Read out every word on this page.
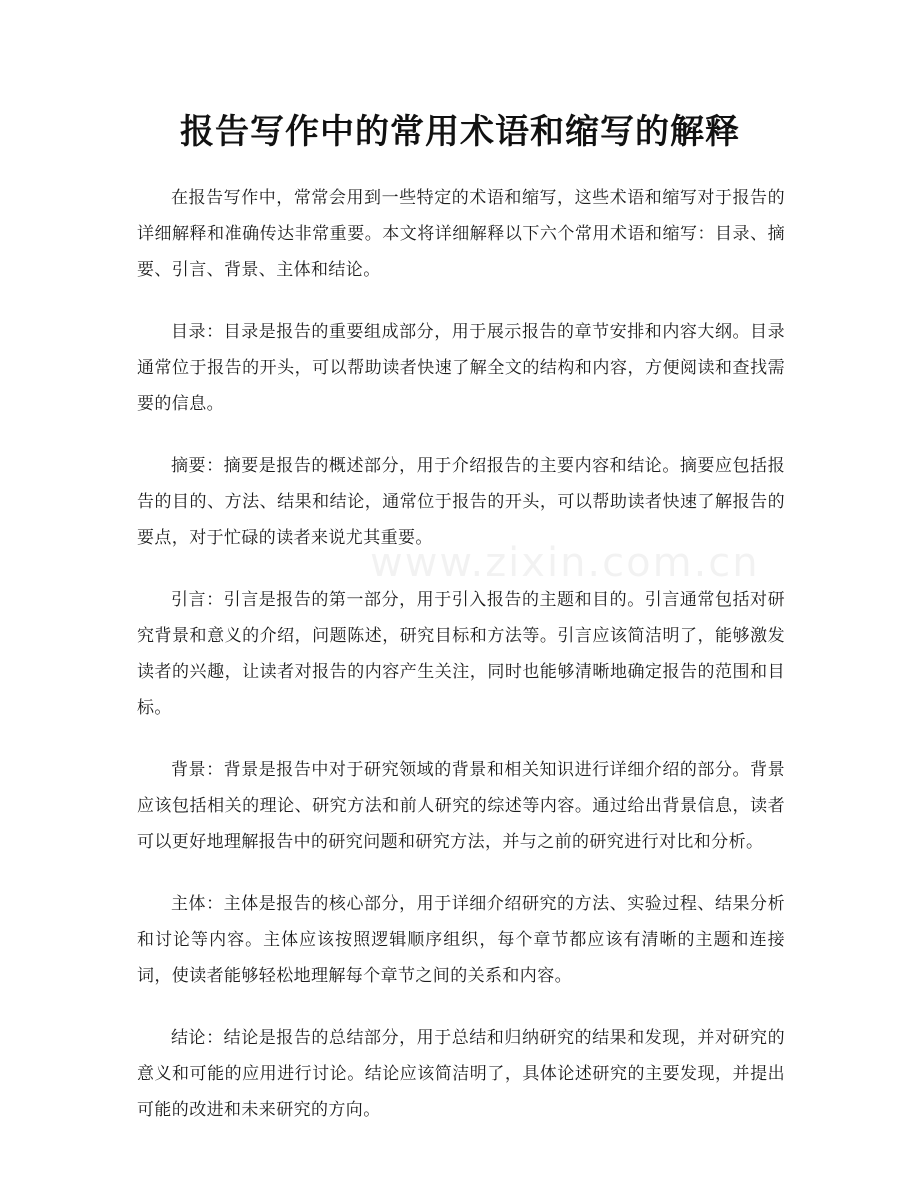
报告写作中的常用术语和缩写的解释
www.zixin.com.cn

在报告写作中，常常会用到一些特定的术语和缩写，这些术语和缩写对于报告的详细解释和准确传达非常重要。本文将详细解释以下六个常用术语和缩写：目录、摘要、引言、背景、主体和结论。

目录：目录是报告的重要组成部分，用于展示报告的章节安排和内容大纲。目录通常位于报告的开头，可以帮助读者快速了解全文的结构和内容，方便阅读和查找需要的信息。

摘要：摘要是报告的概述部分，用于介绍报告的主要内容和结论。摘要应包括报告的目的、方法、结果和结论，通常位于报告的开头，可以帮助读者快速了解报告的要点，对于忙碌的读者来说尤其重要。

引言：引言是报告的第一部分，用于引入报告的主题和目的。引言通常包括对研究背景和意义的介绍，问题陈述，研究目标和方法等。引言应该简洁明了，能够激发读者的兴趣，让读者对报告的内容产生关注，同时也能够清晰地确定报告的范围和目标。

背景：背景是报告中对于研究领域的背景和相关知识进行详细介绍的部分。背景应该包括相关的理论、研究方法和前人研究的综述等内容。通过给出背景信息，读者可以更好地理解报告中的研究问题和研究方法，并与之前的研究进行对比和分析。

主体：主体是报告的核心部分，用于详细介绍研究的方法、实验过程、结果分析和讨论等内容。主体应该按照逻辑顺序组织，每个章节都应该有清晰的主题和连接词，使读者能够轻松地理解每个章节之间的关系和内容。

结论：结论是报告的总结部分，用于总结和归纳研究的结果和发现，并对研究的意义和可能的应用进行讨论。结论应该简洁明了，具体论述研究的主要发现，并提出可能的改进和未来研究的方向。
